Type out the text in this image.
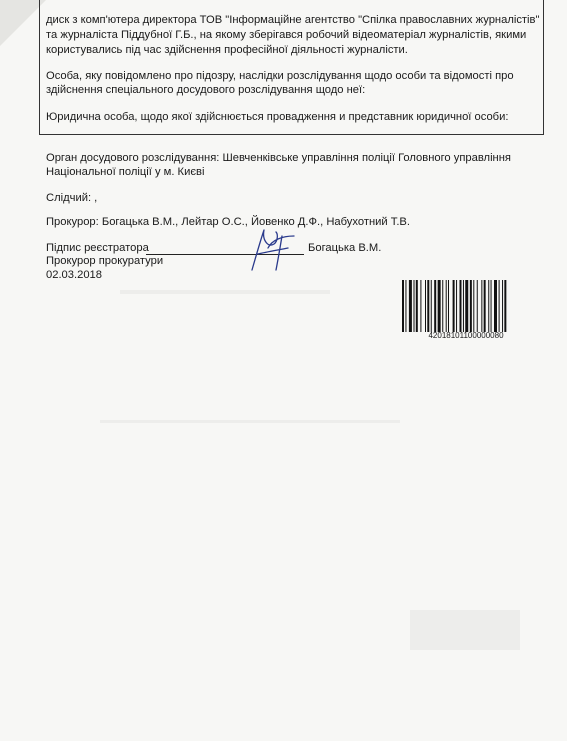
диск з комп'ютера директора ТОВ "Інформаційне агентство "Спілка православних журналістів"
та журналіста Піддубної Г.Б., на якому зберігався робочий відеоматеріал журналістів, якими
користувались під час здійснення професійної діяльності журналісти.
Особа, яку повідомлено про підозру, наслідки розслідування щодо особи та відомості про
здійснення спеціального досудового розслідування щодо неї:
Юридична особа, щодо якої здійснюється провадження и представник юридичної особи:
Орган досудового розслідування: Шевченківське управління поліції Головного управління
Національної поліції у м. Києві
Слідчий: ,
Прокурор: Богацька В.М., Лейтар О.С., Йовенко Д.Ф., Набухотний Т.В.
Підпис реєстратора	Богацька В.М.
Прокурор прокуратури
02.03.2018
42018101100000080
